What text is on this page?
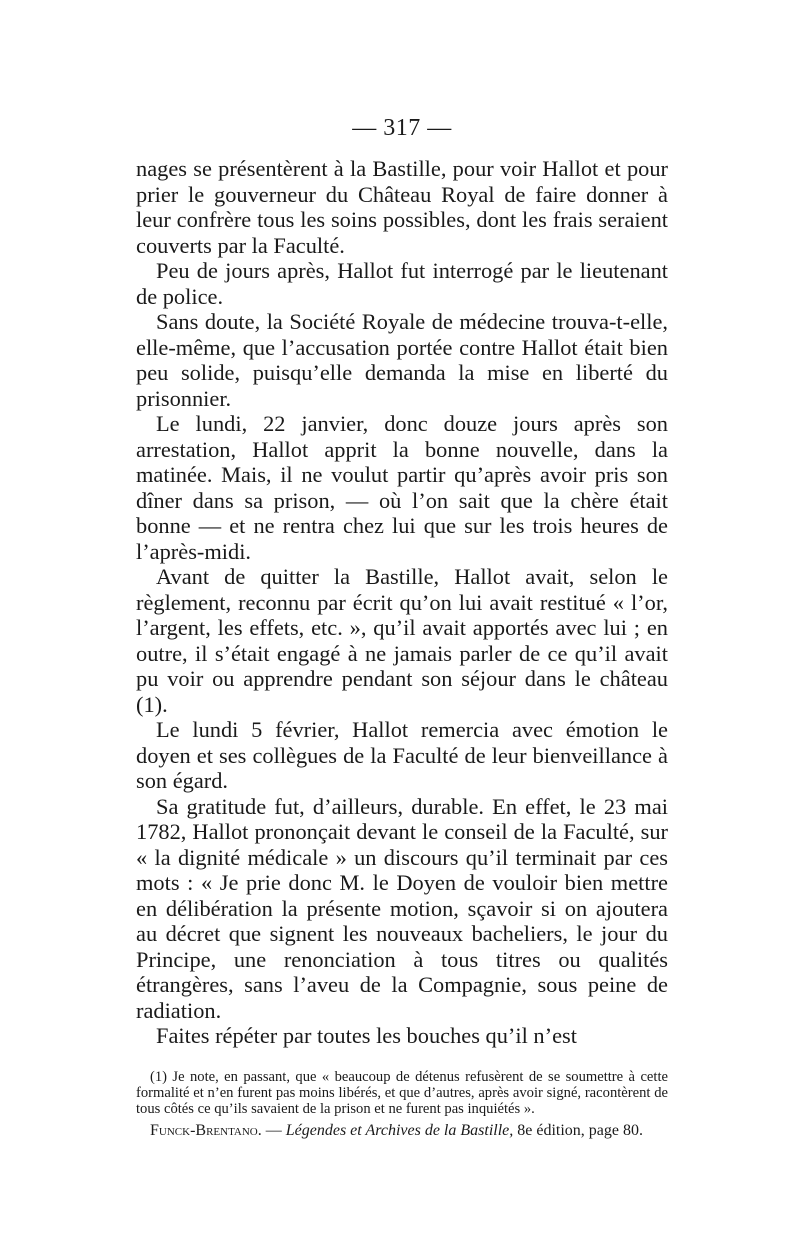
— 317 —

nages se présentèrent à la Bastille, pour voir Hallot et pour prier le gouverneur du Château Royal de faire donner à leur confrère tous les soins possibles, dont les frais seraient couverts par la Faculté.

Peu de jours après, Hallot fut interrogé par le lieutenant de police.

Sans doute, la Société Royale de médecine trouva-t-elle, elle-même, que l’accusation portée contre Hallot était bien peu solide, puisqu’elle demanda la mise en liberté du prisonnier.

Le lundi, 22 janvier, donc douze jours après son arrestation, Hallot apprit la bonne nouvelle, dans la matinée. Mais, il ne voulut partir qu’après avoir pris son dîner dans sa prison, — où l’on sait que la chère était bonne — et ne rentra chez lui que sur les trois heures de l’après-midi.

Avant de quitter la Bastille, Hallot avait, selon le règlement, reconnu par écrit qu’on lui avait restitué « l’or, l’argent, les effets, etc. », qu’il avait apportés avec lui ; en outre, il s’était engagé à ne jamais parler de ce qu’il avait pu voir ou apprendre pendant son séjour dans le château (1).

Le lundi 5 février, Hallot remercia avec émotion le doyen et ses collègues de la Faculté de leur bienveillance à son égard.

Sa gratitude fut, d’ailleurs, durable. En effet, le 23 mai 1782, Hallot prononçait devant le conseil de la Faculté, sur « la dignité médicale » un discours qu’il terminait par ces mots : « Je prie donc M. le Doyen de vouloir bien mettre en délibération la présente motion, sçavoir si on ajoutera au décret que signent les nouveaux bacheliers, le jour du Principe, une renonciation à tous titres ou qualités étrangères, sans l’aveu de la Compagnie, sous peine de radiation.

Faites répéter par toutes les bouches qu’il n’est

(1) Je note, en passant, que « beaucoup de détenus refusèrent de se soumettre à cette formalité et n’en furent pas moins libérés, et que d’autres, après avoir signé, racontèrent de tous côtés ce qu’ils savaient de la prison et ne furent pas inquiétés ».

Funck-Brentano. — Légendes et Archives de la Bastille, 8e édition, page 80.
